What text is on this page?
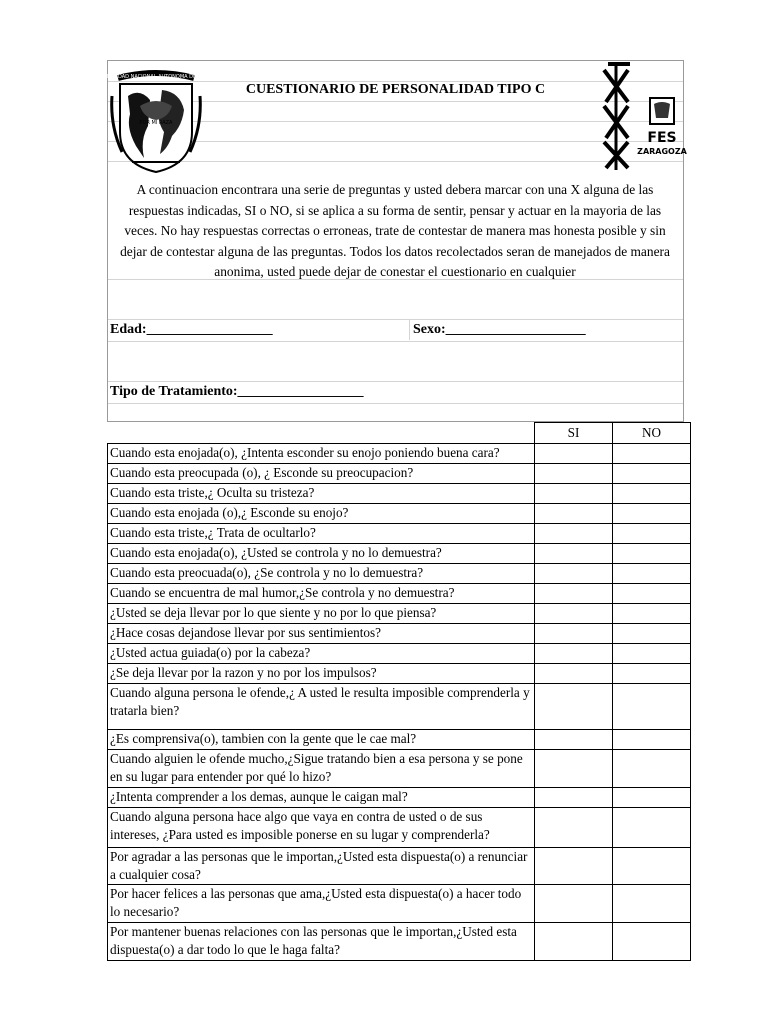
UNIVERSIDAD NACIONAL AUTONOMA DE MEXICO
POR MI RAZA
FES
ZARAGOZA
CUESTIONARIO DE PERSONALIDAD TIPO C
A continuacion encontrara una serie de preguntas y usted debera marcar con una X alguna de las respuestas indicadas, SI o NO, si se aplica a su forma de sentir, pensar y actuar en la mayoria de las veces. No hay respuestas correctas o erroneas, trate de contestar de manera mas honesta posible y sin dejar de contestar alguna de las preguntas. Todos los datos recolectados seran de manejados de manera anonima, usted puede dejar de conestar el cuestionario en cualquier
Edad:__________________	Sexo:____________________
Tipo de Tratamiento:__________________
	SI	NO
Cuando esta enojada(o), ¿Intenta esconder su enojo poniendo buena cara?		
Cuando esta preocupada (o), ¿ Esconde su preocupacion?		
Cuando esta triste,¿ Oculta su tristeza?		
Cuando esta enojada (o),¿ Esconde su enojo?		
Cuando esta triste,¿ Trata de ocultarlo?		
Cuando esta enojada(o), ¿Usted se controla y no lo demuestra?		
Cuando esta preocuada(o), ¿Se controla y no lo demuestra?		
Cuando se encuentra de mal humor,¿Se controla y no demuestra?		
¿Usted se deja llevar por lo que siente y no por lo que piensa?		
¿Hace cosas dejandose llevar por sus sentimientos?		
¿Usted actua guiada(o) por la cabeza?		
¿Se deja llevar por la razon y no por los impulsos?		
Cuando alguna persona le ofende,¿ A usted le resulta imposible comprenderla y tratarla bien?		
¿Es comprensiva(o), tambien con la gente que le cae mal?		
Cuando alguien le ofende mucho,¿Sigue tratando bien a esa persona y se pone en su lugar para entender por qué lo hizo?		
¿Intenta comprender a los demas, aunque le caigan mal?		
Cuando alguna persona hace algo que vaya en contra de usted o de sus intereses, ¿Para usted es imposible ponerse en su lugar y comprenderla?		
Por agradar a las personas que le importan,¿Usted esta dispuesta(o) a renunciar a cualquier cosa?		
Por hacer felices a las personas que ama,¿Usted esta dispuesta(o) a hacer todo lo necesario?		
Por mantener buenas relaciones con las personas que le importan,¿Usted esta dispuesta(o) a dar todo lo que le haga falta?		
